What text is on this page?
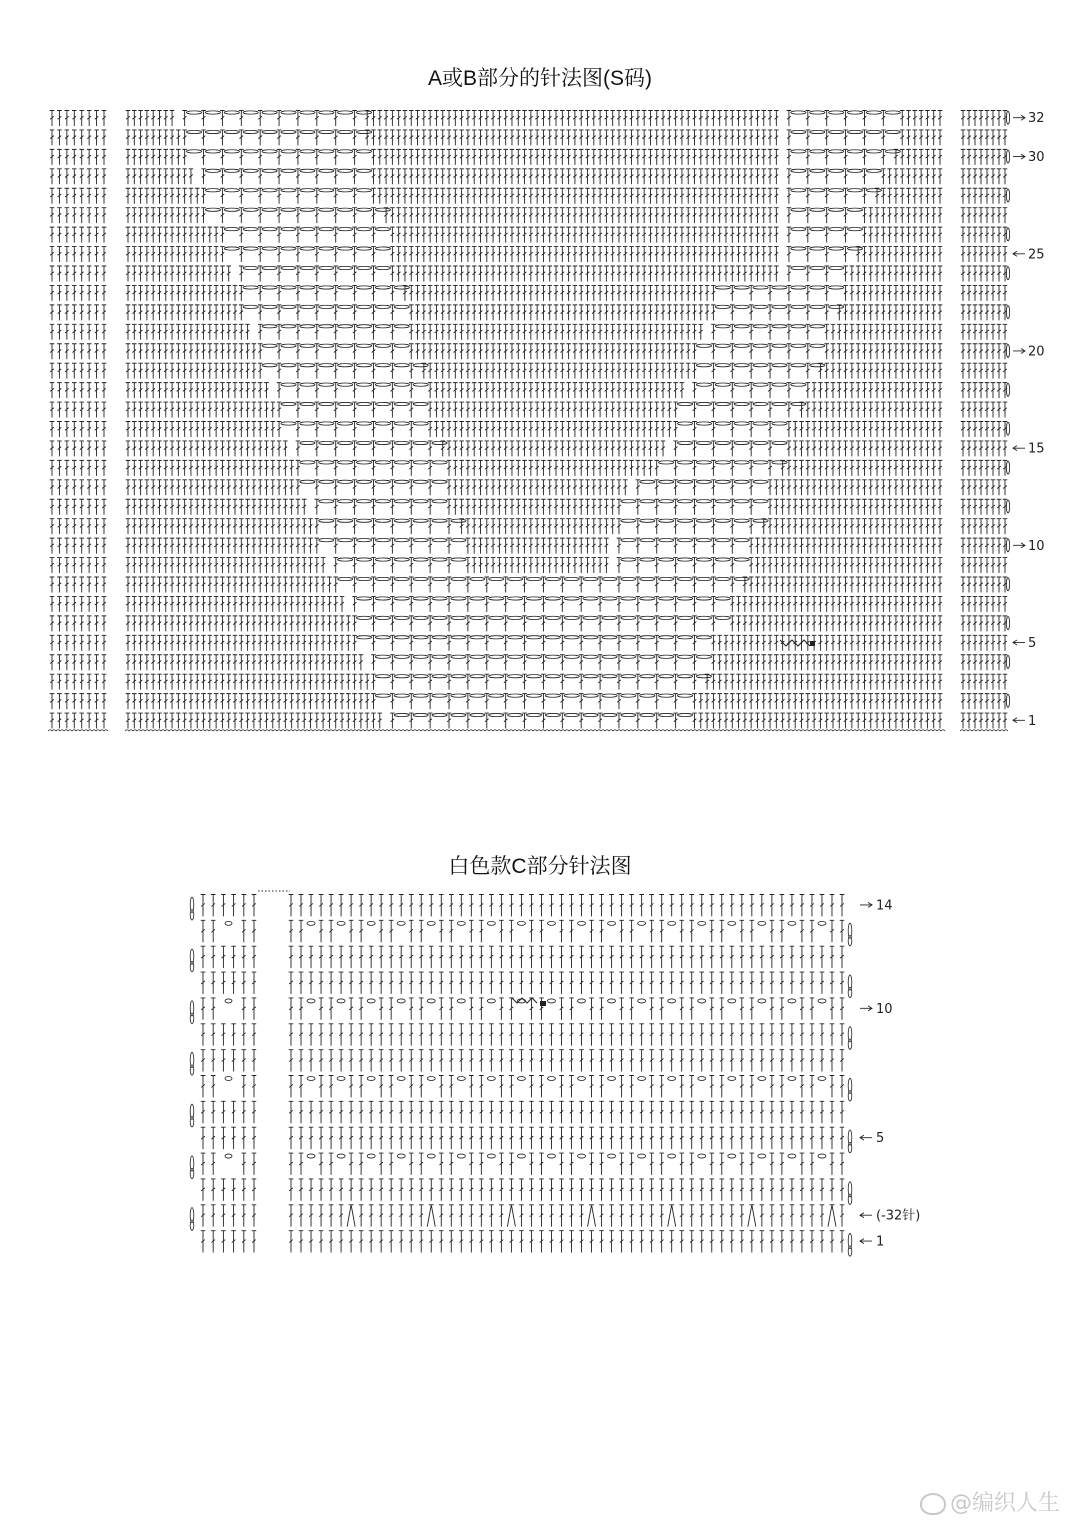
A或B部分的针法图(S码)
白色款C部分针法图
32
30
25
20
15
10
5
1
14
10
5
(-32针)
1
@编织人生
